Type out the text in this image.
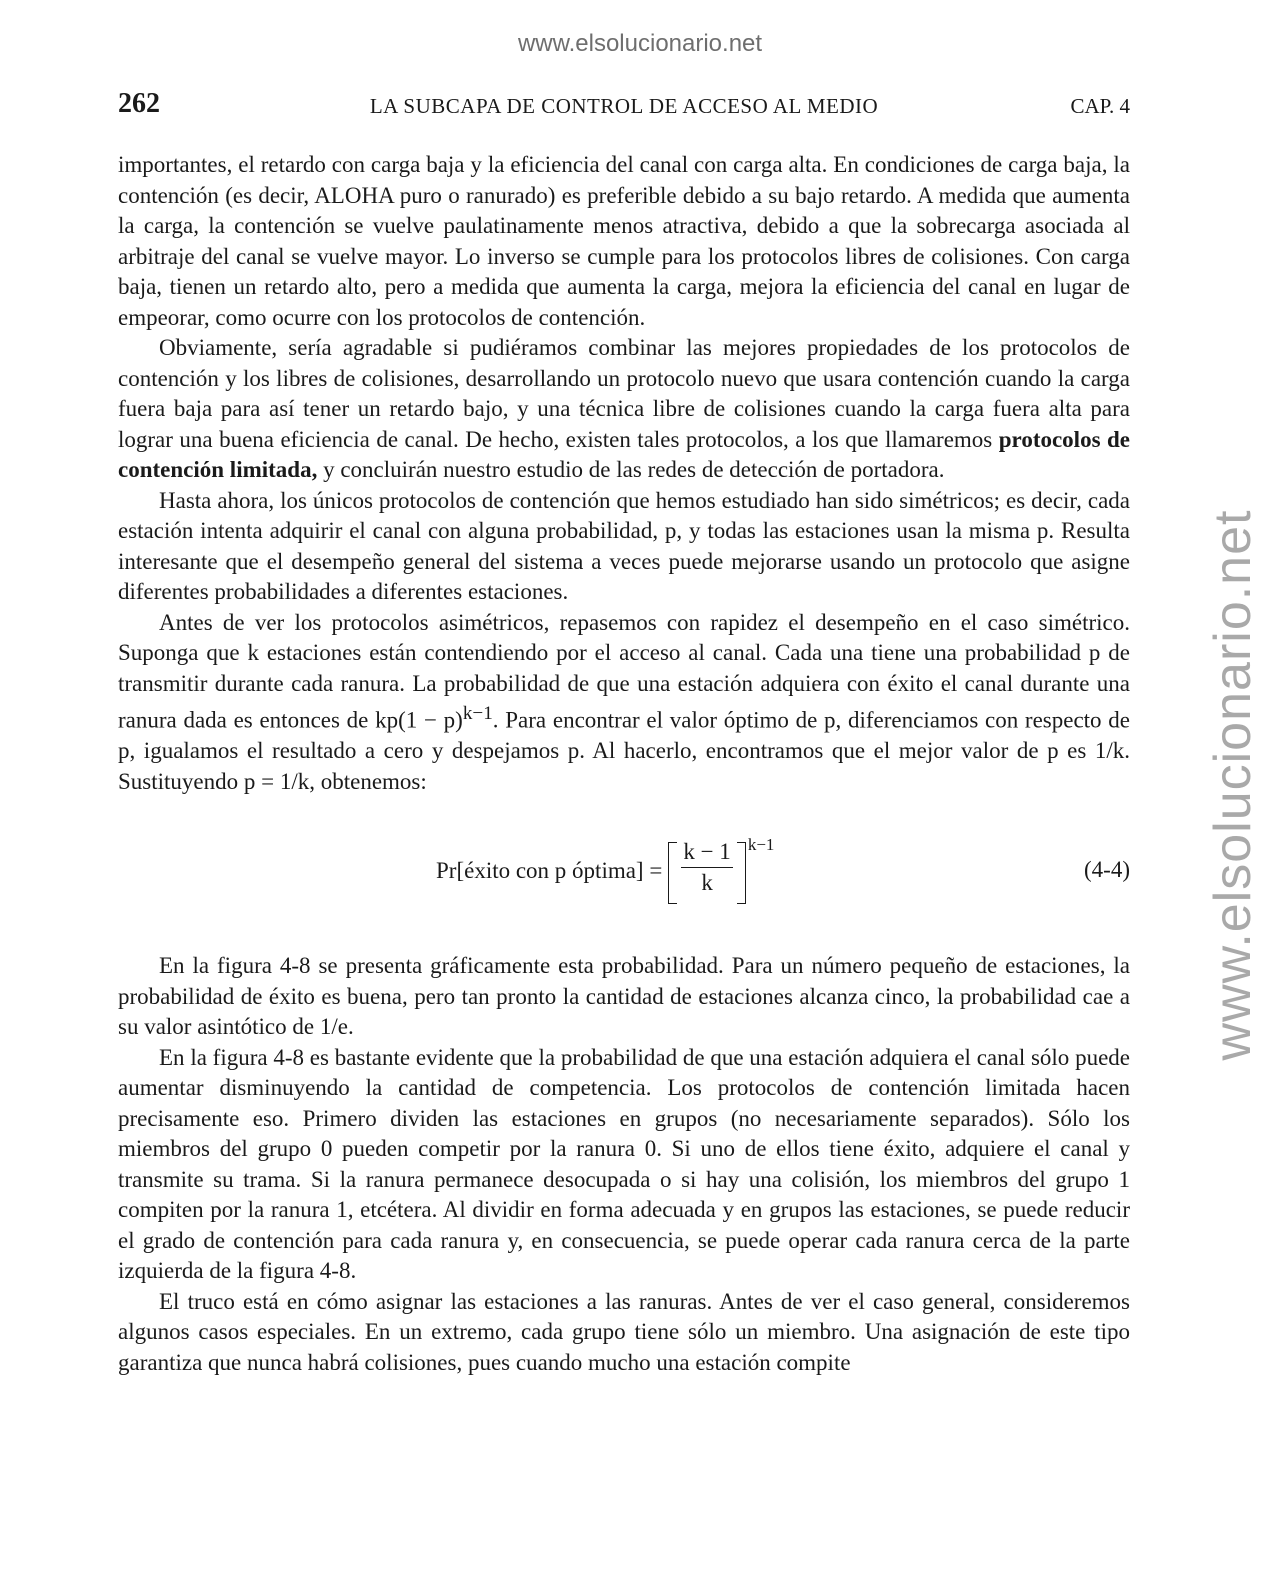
www.elsolucionario.net
www.elsolucionario.net
262	LA SUBCAPA DE CONTROL DE ACCESO AL MEDIO	CAP. 4

importantes, el retardo con carga baja y la eficiencia del canal con carga alta. En condiciones de carga baja, la contención (es decir, ALOHA puro o ranurado) es preferible debido a su bajo retardo. A medida que aumenta la carga, la contención se vuelve paulatinamente menos atractiva, debido a que la sobrecarga asociada al arbitraje del canal se vuelve mayor. Lo inverso se cumple para los protocolos libres de colisiones. Con carga baja, tienen un retardo alto, pero a medida que aumenta la carga, mejora la eficiencia del canal en lugar de empeorar, como ocurre con los protocolos de contención.

Obviamente, sería agradable si pudiéramos combinar las mejores propiedades de los protocolos de contención y los libres de colisiones, desarrollando un protocolo nuevo que usara contención cuando la carga fuera baja para así tener un retardo bajo, y una técnica libre de colisiones cuando la carga fuera alta para lograr una buena eficiencia de canal. De hecho, existen tales protocolos, a los que llamaremos protocolos de contención limitada, y concluirán nuestro estudio de las redes de detección de portadora.

Hasta ahora, los únicos protocolos de contención que hemos estudiado han sido simétricos; es decir, cada estación intenta adquirir el canal con alguna probabilidad, p, y todas las estaciones usan la misma p. Resulta interesante que el desempeño general del sistema a veces puede mejorarse usando un protocolo que asigne diferentes probabilidades a diferentes estaciones.

Antes de ver los protocolos asimétricos, repasemos con rapidez el desempeño en el caso simétrico. Suponga que k estaciones están contendiendo por el acceso al canal. Cada una tiene una probabilidad p de transmitir durante cada ranura. La probabilidad de que una estación adquiera con éxito el canal durante una ranura dada es entonces de $kp(1 - p)^{k-1}$. Para encontrar el valor óptimo de p, diferenciamos con respecto de p, igualamos el resultado a cero y despejamos p. Al hacerlo, encontramos que el mejor valor de p es 1/k. Sustituyendo p = 1/k, obtenemos:

Pr[éxito con p óptima] = $\frac{k - 1}{k} k-1$
(4-4)

En la figura 4-8 se presenta gráficamente esta probabilidad. Para un número pequeño de estaciones, la probabilidad de éxito es buena, pero tan pronto la cantidad de estaciones alcanza cinco, la probabilidad cae a su valor asintótico de 1/e.

En la figura 4-8 es bastante evidente que la probabilidad de que una estación adquiera el canal sólo puede aumentar disminuyendo la cantidad de competencia. Los protocolos de contención limitada hacen precisamente eso. Primero dividen las estaciones en grupos (no necesariamente separados). Sólo los miembros del grupo 0 pueden competir por la ranura 0. Si uno de ellos tiene éxito, adquiere el canal y transmite su trama. Si la ranura permanece desocupada o si hay una colisión, los miembros del grupo 1 compiten por la ranura 1, etcétera. Al dividir en forma adecuada y en grupos las estaciones, se puede reducir el grado de contención para cada ranura y, en consecuencia, se puede operar cada ranura cerca de la parte izquierda de la figura 4-8.

El truco está en cómo asignar las estaciones a las ranuras. Antes de ver el caso general, consideremos algunos casos especiales. En un extremo, cada grupo tiene sólo un miembro. Una asignación de este tipo garantiza que nunca habrá colisiones, pues cuando mucho una estación compite
